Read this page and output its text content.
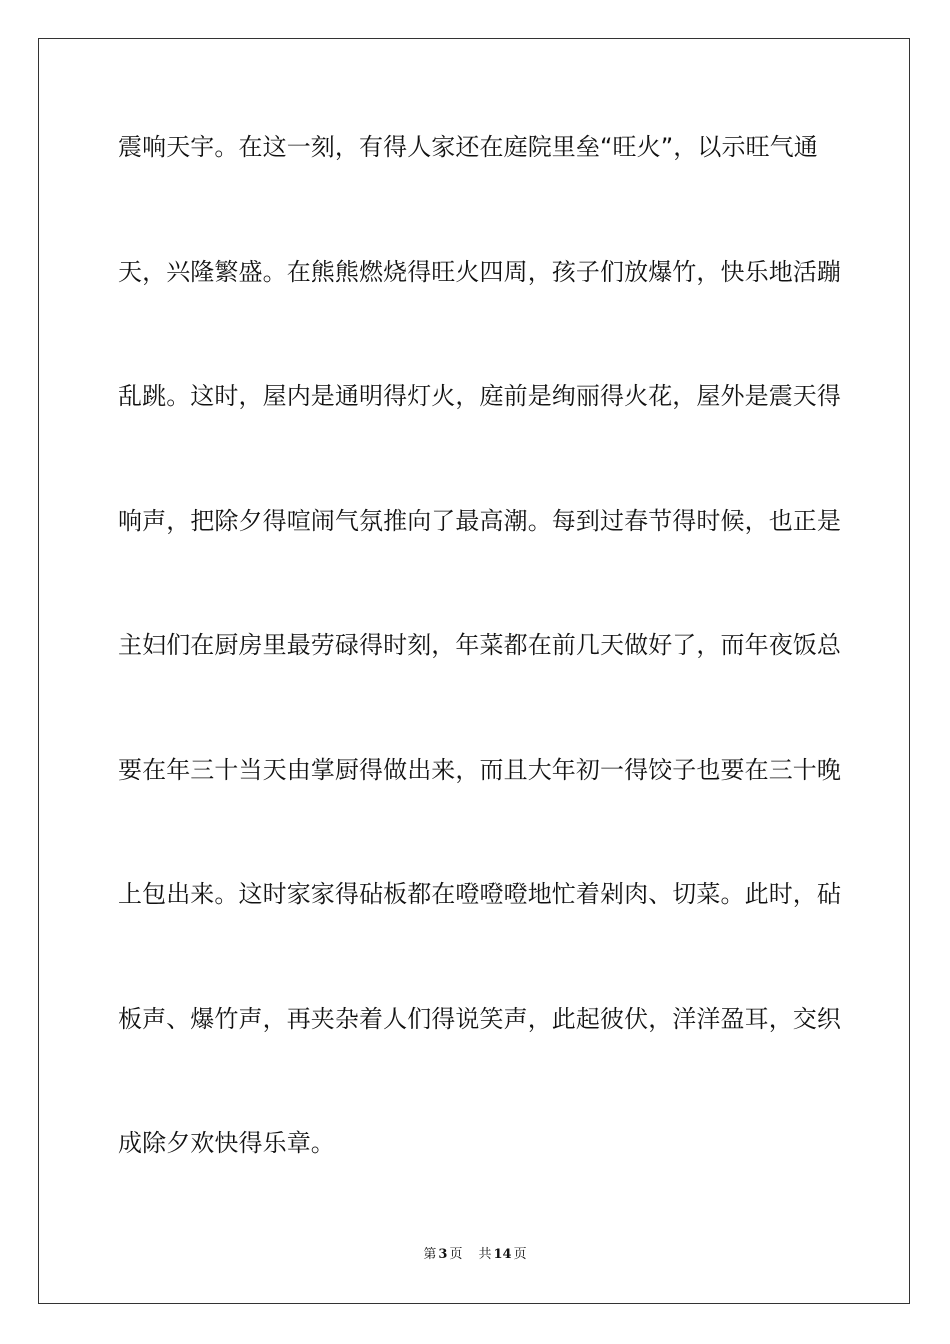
震响天宇。在这一刻，有得人家还在庭院里垒“旺火”，以示旺气通
天，兴隆繁盛。在熊熊燃烧得旺火四周，孩子们放爆竹，快乐地活蹦
乱跳。这时，屋内是通明得灯火，庭前是绚丽得火花，屋外是震天得
响声，把除夕得喧闹气氛推向了最高潮。每到过春节得时候，也正是
主妇们在厨房里最劳碌得时刻，年菜都在前几天做好了，而年夜饭总
要在年三十当天由掌厨得做出来，而且大年初一得饺子也要在三十晚
上包出来。这时家家得砧板都在噔噔噔地忙着剁肉、切菜。此时，砧
板声、爆竹声，再夹杂着人们得说笑声，此起彼伏，洋洋盈耳，交织
成除夕欢快得乐章。
第 3 页 共 14 页
